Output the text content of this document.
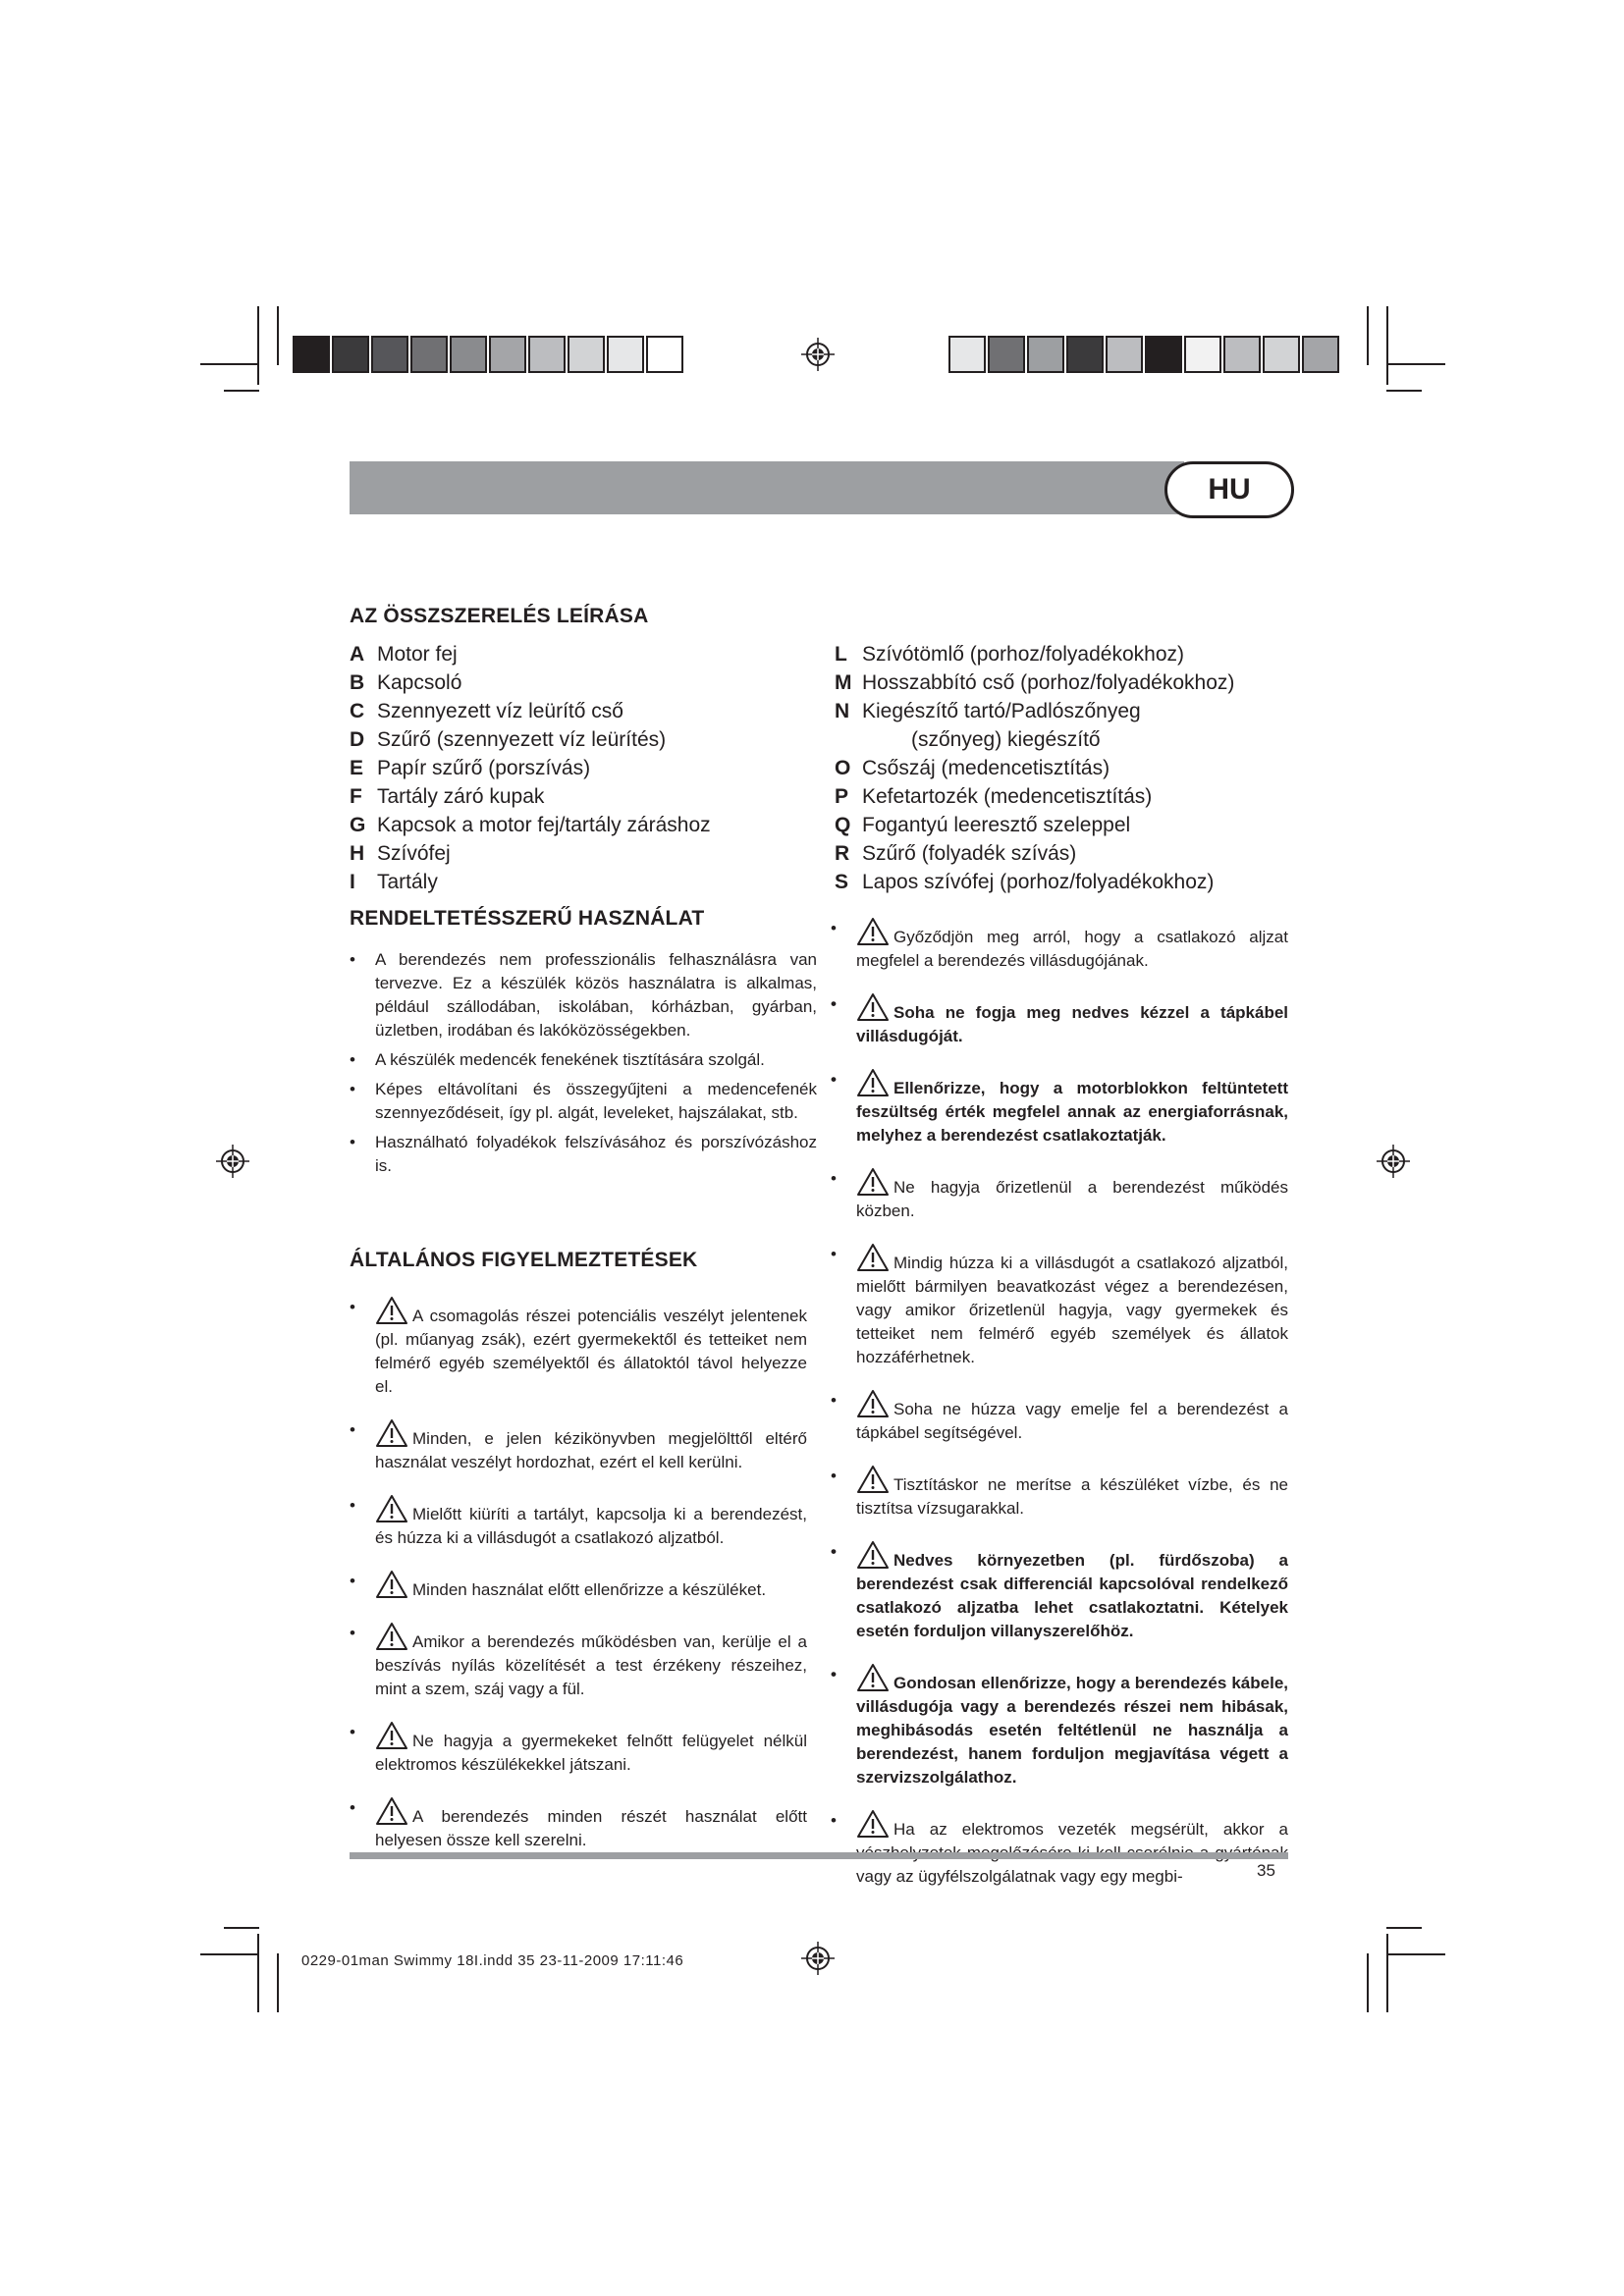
HU
AZ ÖSSZSZERELÉS LEÍRÁSA
A Motor fej
B Kapcsoló
C Szennyezett víz leürítő cső
D Szűrő (szennyezett víz leürítés)
E Papír szűrő (porszívás)
F Tartály záró kupak
G Kapcsok a motor fej/tartály záráshoz
H Szívófej
I Tartály
L Szívótömlő (porhoz/folyadékokhoz)
M Hosszabbító cső (porhoz/folyadékokhoz)
N Kiegészítő tartó/Padlószőnyeg
(szőnyeg) kiegészítő
O Csőszáj (medencetisztítás)
P Kefetartozék (medencetisztítás)
Q Fogantyú leeresztő szeleppel
R Szűrő (folyadék szívás)
S Lapos szívófej (porhoz/folyadékokhoz)
RENDELTETÉSSZERŰ HASZNÁLAT
• A berendezés nem professzionális felhasználásra van tervezve. Ez a készülék közös használatra is alkalmas, például szállodában, iskolában, kórházban, gyárban, üzletben, irodában és lakóközösségekben.
• A készülék medencék fenekének tisztítására szolgál.
• Képes eltávolítani és összegyűjteni a medencefenék szennyeződéseit, így pl. algát, leveleket, hajszálakat, stb.
• Használható folyadékok felszívásához és porszívózáshoz is.
ÁLTALÁNOS FIGYELMEZTETÉSEK
•	A csomagolás részei potenciális veszélyt jelentenek (pl. műanyag zsák), ezért gyermekektől és tetteiket nem felmérő egyéb személyektől és állatoktól távol helyezze el.
•	Minden, e jelen kézikönyvben megjelölttől eltérő használat veszélyt hordozhat, ezért el kell kerülni.
•	Mielőtt kiüríti a tartályt, kapcsolja ki a berendezést, és húzza ki a villásdugót a csatlakozó aljzatból.
•	Minden használat előtt ellenőrizze a készüléket.
•	Amikor a berendezés működésben van, kerülje el a beszívás nyílás közelítését a test érzékeny részeihez, mint a szem, száj vagy a fül.
•	Ne hagyja a gyermekeket felnőtt felügyelet nélkül elektromos készülékekkel játszani.
•	A berendezés minden részét használat előtt helyesen össze kell szerelni.
•	Győződjön meg arról, hogy a csatlakozó aljzat megfelel a berendezés villásdugójának.
•	Soha ne fogja meg nedves kézzel a tápkábel villásdugóját.
•	Ellenőrizze, hogy a motorblokkon feltüntetett feszültség érték megfelel annak az energiaforrásnak, melyhez a berendezést csatlakoztatják.
•	Ne hagyja őrizetlenül a berendezést működés közben.
•	Mindig húzza ki a villásdugót a csatlakozó aljzatból, mielőtt bármilyen beavatkozást végez a berendezésen, vagy amikor őrizetlenül hagyja, vagy gyermekek és tetteiket nem felmérő egyéb személyek és állatok hozzáférhetnek.
•	Soha ne húzza vagy emelje fel a berendezést a tápkábel segítségével.
•	Tisztításkor ne merítse a készüléket vízbe, és ne tisztítsa vízsugarakkal.
•	Nedves környezetben (pl. fürdőszoba) a berendezést csak differenciál kapcsolóval rendelkező csatlakozó aljzatba lehet csatlakoztatni. Kételyek esetén forduljon villanyszerelőhöz.
•	Gondosan ellenőrizze, hogy a berendezés kábele, villásdugója vagy a berendezés részei nem hibásak, meghibásodás esetén feltétlenül ne használja a berendezést, hanem forduljon megjavítása végett a szervizszolgálathoz.
•	Ha az elektromos vezeték megsérült, akkor a vagy az ügyfélszolgálatnak vagy egy megbi-	35
0229-01man Swimmy 18I.indd 35 23-11-2009 17:11:46
